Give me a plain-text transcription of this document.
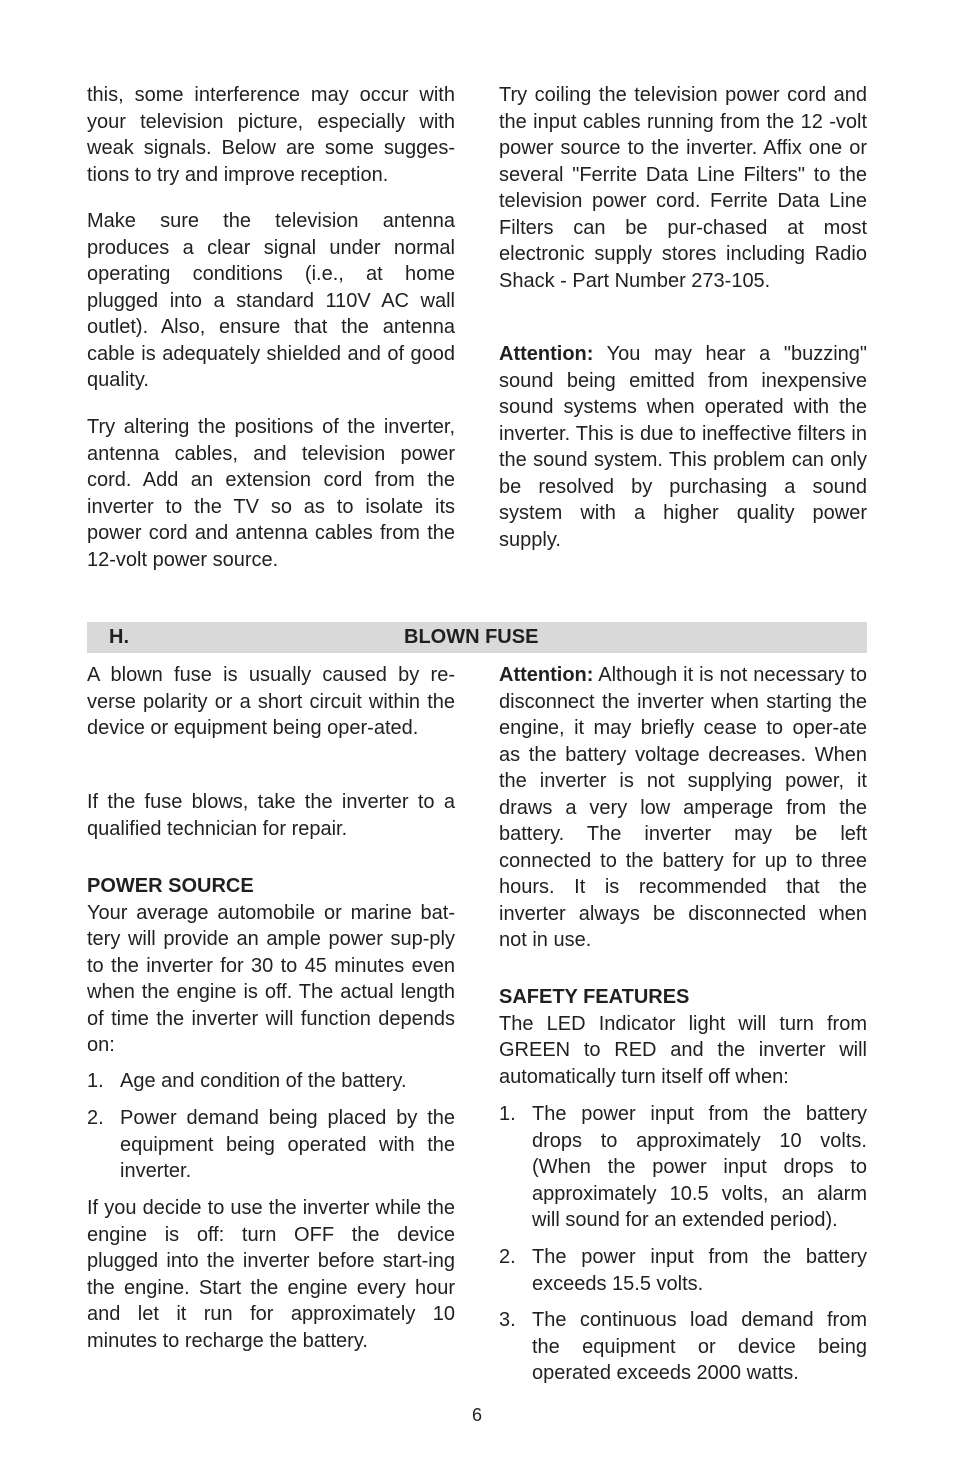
this, some interference may occur with your television picture, especially with weak signals. Below are some sugges-tions to try and improve reception.

Make sure the television antenna produces a clear signal under normal operating conditions (i.e., at home plugged into a standard 110V AC wall outlet). Also, ensure that the antenna cable is adequately shielded and of good quality.

Try altering the positions of the inverter, antenna cables, and television power cord. Add an extension cord from the inverter to the TV so as to isolate its power cord and antenna cables from the 12-volt power source.

Try coiling the television power cord and the input cables running from the 12 -volt power source to the inverter. Affix one or several "Ferrite Data Line Filters" to the television power cord. Ferrite Data Line Filters can be pur-chased at most electronic supply stores including Radio Shack - Part Number 273-105.

Attention: You may hear a "buzzing" sound being emitted from inexpensive sound systems when operated with the inverter. This is due to ineffective filters in the sound system. This problem can only be resolved by purchasing a sound system with a higher quality power supply.

H.	BLOWN FUSE

A blown fuse is usually caused by re-verse polarity or a short circuit within the device or equipment being oper-ated.

If the fuse blows, take the inverter to a qualified technician for repair.

POWER SOURCE

Your average automobile or marine bat-tery will provide an ample power sup-ply to the inverter for 30 to 45 minutes even when the engine is off. The actual length of time the inverter will function depends on:

1. Age and condition of the battery.
2. Power demand being placed by the equipment being operated with the inverter.

If you decide to use the inverter while the engine is off: turn OFF the device plugged into the inverter before start-ing the engine. Start the engine every hour and let it run for approximately 10 minutes to recharge the battery.

Attention: Although it is not necessary to disconnect the inverter when starting the engine, it may briefly cease to oper-ate as the battery voltage decreases. When the inverter is not supplying power, it draws a very low amperage from the battery. The inverter may be left connected to the battery for up to three hours. It is recommended that the inverter always be disconnected when not in use.

SAFETY FEATURES

The LED Indicator light will turn from GREEN to RED and the inverter will automatically turn itself off when:

1. The power input from the battery drops to approximately 10 volts. (When the power input drops to approximately 10.5 volts, an alarm will sound for an extended period).
2. The power input from the battery exceeds 15.5 volts.
3. The continuous load demand from the equipment or device being operated exceeds 2000 watts.
6
